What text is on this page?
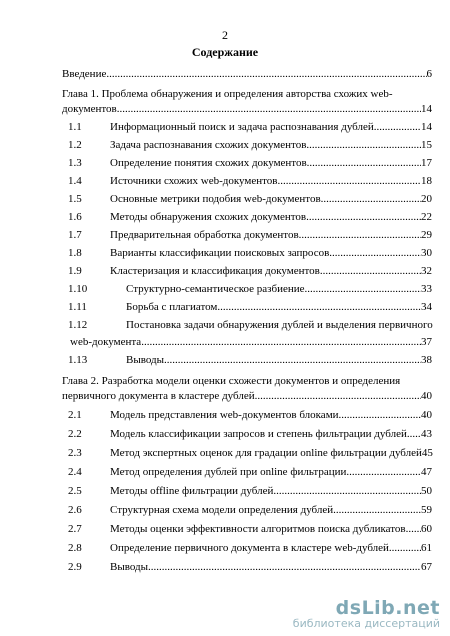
2
Содержание
Введение .....	6
Глава 1. Проблема обнаружения и определения авторства схожих web-
документов .....	14
1.1	Информационный поиск и задача распознавания дублей .....	14
1.2	Задача распознавания схожих документов .....	15
1.3	Определение понятия схожих документов .....	17
1.4	Источники схожих web-документов .....	18
1.5	Основные метрики подобия web-документов .....	20
1.6	Методы обнаружения схожих документов .....	22
1.7	Предварительная обработка документов .....	29
1.8	Варианты классификации поисковых запросов .....	30
1.9	Кластеризация и классификация документов .....	32
1.10	Структурно-семантическое разбиение .....	33
1.11	Борьба с плагиатом .....	34
1.12	Постановка задачи обнаружения дублей и выделения первичного
web-документа .....	37
1.13	Выводы .....	38
Глава 2. Разработка модели оценки схожести документов и определения
первичного документа в кластере дублей .....	40
2.1	Модель представления web-документов блоками .....	40
2.2	Модель классификации запросов и степень фильтрации дублей ..... 43
2.3	Метод экспертных оценок для градации online фильтрации дублей 45
2.4	Метод определения дублей при online фильтрации .....	47
2.5	Методы offline фильтрации дублей .....	50
2.6	Структурная схема модели определения дублей .....	59
2.7	Методы оценки эффективности алгоритмов поиска дубликатов ..... 60
2.8	Определение первичного документа в кластере web-дублей .....	61
2.9	Выводы .....	67
dsLib.net
библиотека диссертаций
